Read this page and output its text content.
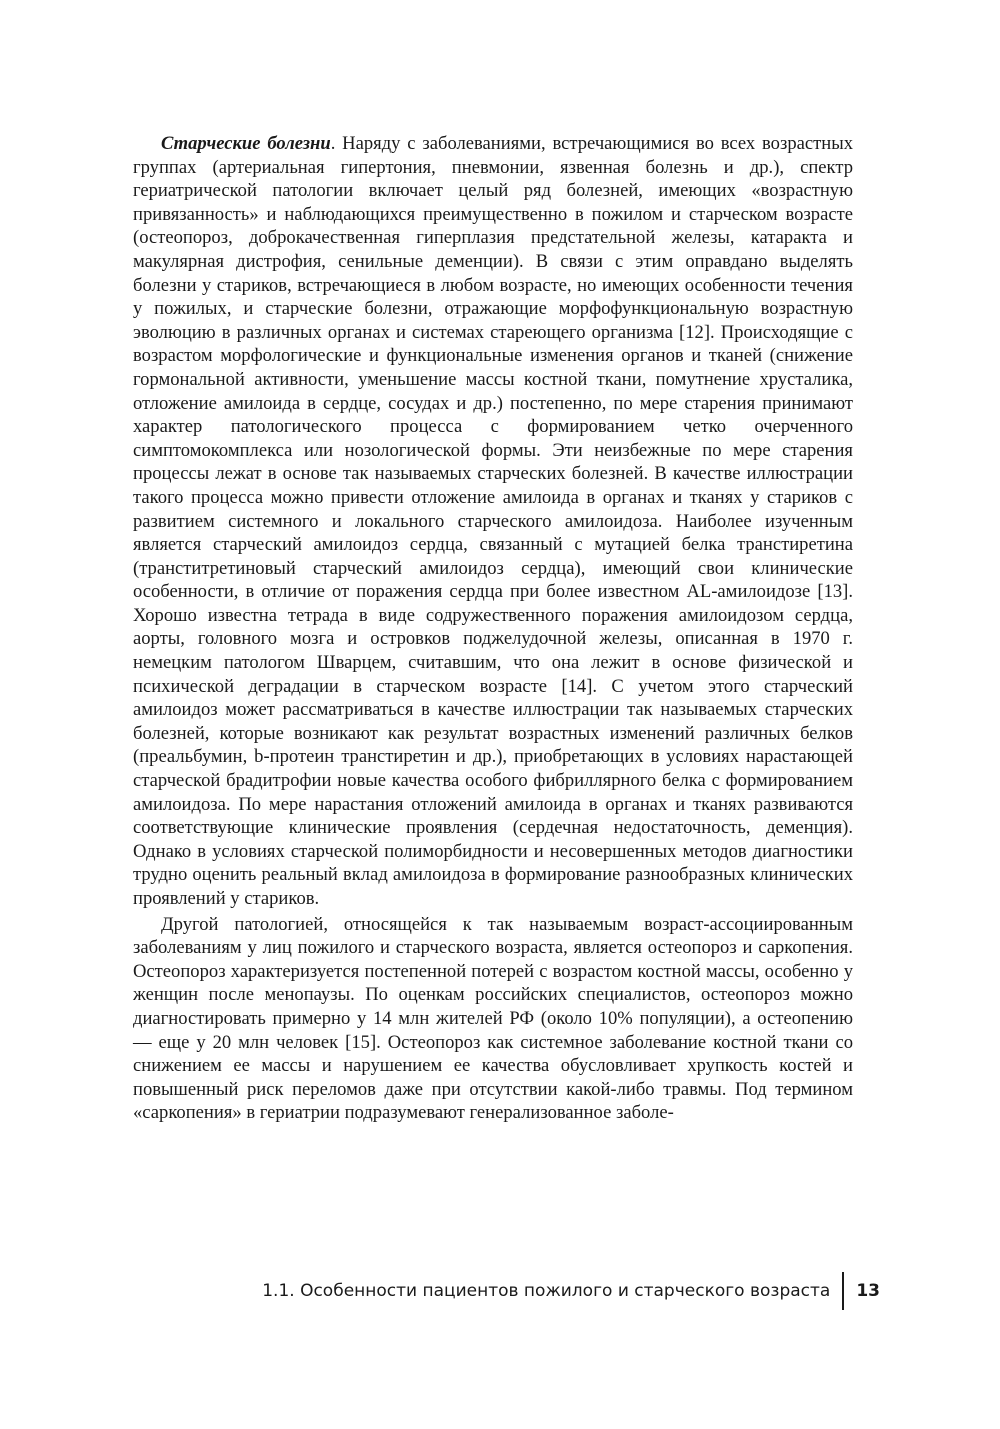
Старческие болезни. Наряду с заболеваниями, встречающимися во всех возрастных группах (артериальная гипертония, пневмонии, язвенная болезнь и др.), спектр гериатрической патологии включает целый ряд болезней, имеющих «возрастную привязанность» и наблюдающихся преимущественно в пожилом и старческом возрасте (остеопороз, доброкачественная гиперплазия предстательной железы, катаракта и макулярная дистрофия, сенильные деменции). В связи с этим оправдано выделять болезни у стариков, встречающиеся в любом возрасте, но имеющих особенности течения у пожилых, и старческие болезни, отражающие морфофункциональную возрастную эволюцию в различных органах и системах стареющего организма [12]. Происходящие с возрастом морфологические и функциональные изменения органов и тканей (снижение гормональной активности, уменьшение массы костной ткани, помутнение хрусталика, отложение амилоида в сердце, сосудах и др.) постепенно, по мере старения принимают характер патологического процесса с формированием четко очерченного симптомокомплекса или нозологической формы. Эти неизбежные по мере старения процессы лежат в основе так называемых старческих болезней. В качестве иллюстрации такого процесса можно привести отложение амилоида в органах и тканях у стариков с развитием системного и локального старческого амилоидоза. Наиболее изученным является старческий амилоидоз сердца, связанный с мутацией белка транстиретина (транститретиновый старческий амилоидоз сердца), имеющий свои клинические особенности, в отличие от поражения сердца при более известном AL-амилоидозе [13]. Хорошо известна тетрада в виде содружественного поражения амилоидозом сердца, аорты, головного мозга и островков поджелудочной железы, описанная в 1970 г. немецким патологом Шварцем, считавшим, что она лежит в основе физической и психической деградации в старческом возрасте [14]. С учетом этого старческий амилоидоз может рассматриваться в качестве иллюстрации так называемых старческих болезней, которые возникают как результат возрастных изменений различных белков (преальбумин, b-протеин транстиретин и др.), приобретающих в условиях нарастающей старческой брадитрофии новые качества особого фибриллярного белка с формированием амилоидоза. По мере нарастания отложений амилоида в органах и тканях развиваются соответствующие клинические проявления (сердечная недостаточность, деменция). Однако в условиях старческой полиморбидности и несовершенных методов диагностики трудно оценить реальный вклад амилоидоза в формирование разнообразных клинических проявлений у стариков.

Другой патологией, относящейся к так называемым возраст-ассоциированным заболеваниям у лиц пожилого и старческого возраста, является остеопороз и саркопения. Остеопороз характеризуется постепенной потерей с возрастом костной массы, особенно у женщин после менопаузы. По оценкам российских специалистов, остеопороз можно диагностировать примерно у 14 млн жителей РФ (около 10% популяции), а остеопению — еще у 20 млн человек [15]. Остеопороз как системное заболевание костной ткани со снижением ее массы и нарушением ее качества обусловливает хрупкость костей и повышенный риск переломов даже при отсутствии какой-либо травмы. Под термином «саркопения» в гериатрии подразумевают генерализованное заболе-

1.1. Особенности пациентов пожилого и старческого возраста 13
